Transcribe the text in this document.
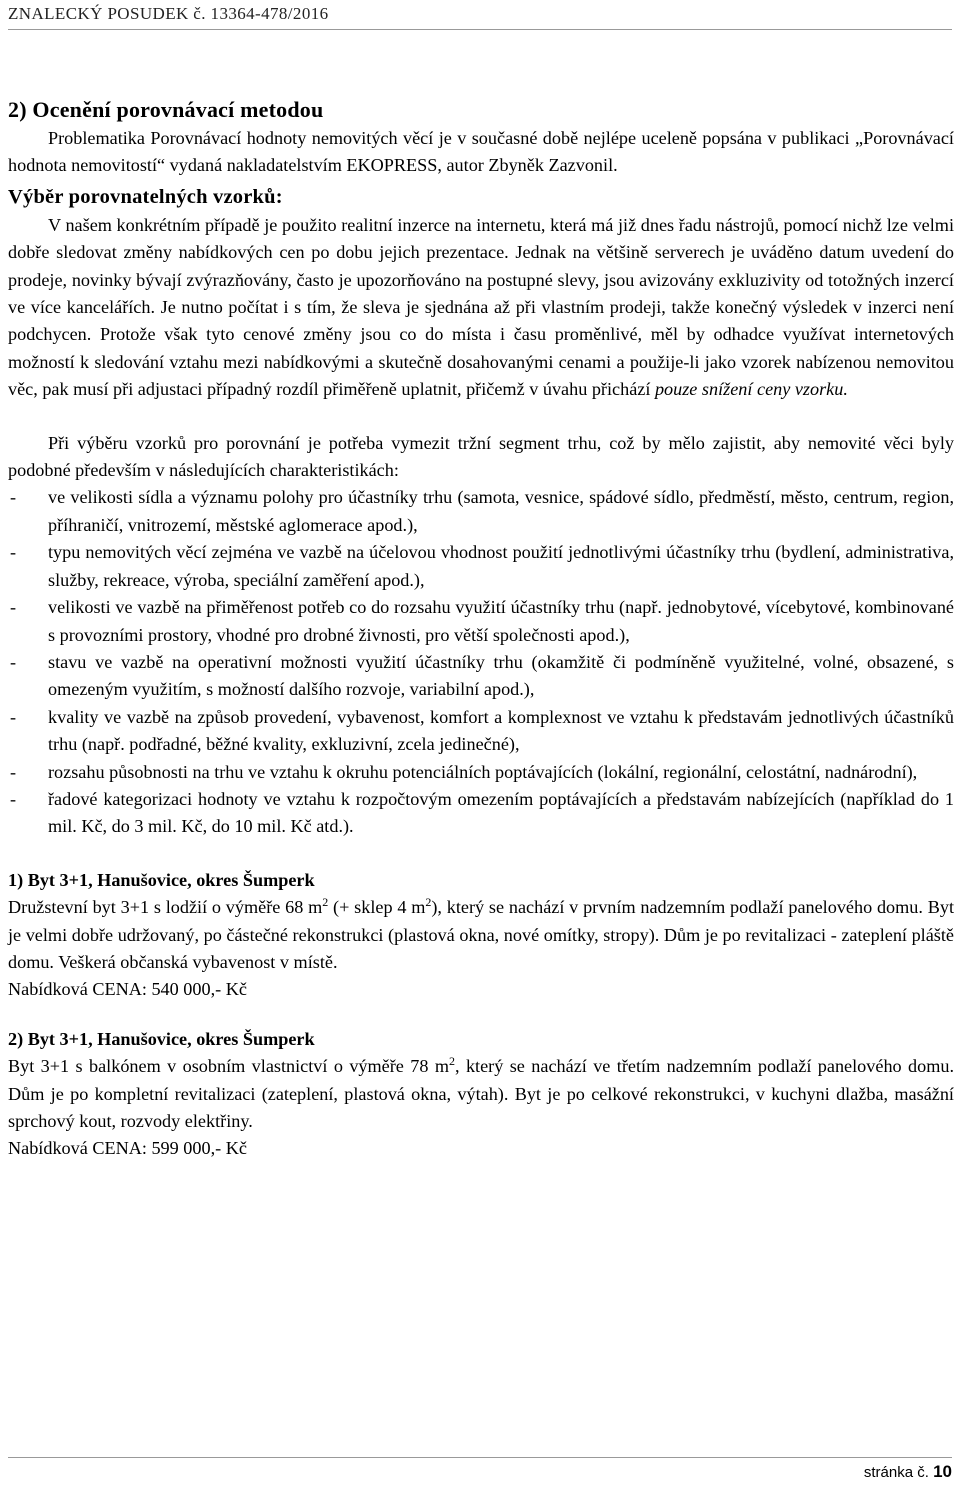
ZNALECKÝ POSUDEK č. 13364-478/2016
2) Ocenění porovnávací metodou

Problematika Porovnávací hodnoty nemovitých věcí je v současné době nejlépe uceleně popsána v publikaci „Porovnávací hodnota nemovitostí“ vydaná nakladatelstvím EKOPRESS, autor Zbyněk Zazvonil.

Výběr porovnatelných vzorků:

V našem konkrétním případě je použito realitní inzerce na internetu, která má již dnes řadu nástrojů, pomocí nichž lze velmi dobře sledovat změny nabídkových cen po dobu jejich prezentace. Jednak na většině serverech je uváděno datum uvedení do prodeje, novinky bývají zvýrazňovány, často je upozorňováno na postupné slevy, jsou avizovány exkluzivity od totožných inzercí ve více kancelářích. Je nutno počítat i s tím, že sleva je sjednána až při vlastním prodeji, takže konečný výsledek v inzerci není podchycen. Protože však tyto cenové změny jsou co do místa i času proměnlivé, měl by odhadce využívat internetových možností k sledování vztahu mezi nabídkovými a skutečně dosahovanými cenami a použije-li jako vzorek nabízenou nemovitou věc, pak musí při adjustaci případný rozdíl přiměřeně uplatnit, přičemž v úvahu přichází pouze snížení ceny vzorku.

Při výběru vzorků pro porovnání je potřeba vymezit tržní segment trhu, což by mělo zajistit, aby nemovité věci byly podobné především v následujících charakteristikách:

- ve velikosti sídla a významu polohy pro účastníky trhu (samota, vesnice, spádové sídlo, předměstí, město, centrum, region, příhraničí, vnitrozemí, městské aglomerace apod.),
- typu nemovitých věcí zejména ve vazbě na účelovou vhodnost použití jednotlivými účastníky trhu (bydlení, administrativa, služby, rekreace, výroba, speciální zaměření apod.),
- velikosti ve vazbě na přiměřenost potřeb co do rozsahu využití účastníky trhu (např. jednobytové, vícebytové, kombinované s provozními prostory, vhodné pro drobné živnosti, pro větší společnosti apod.),
- stavu ve vazbě na operativní možnosti využití účastníky trhu (okamžitě či podmíněně využitelné, volné, obsazené, s omezeným využitím, s možností dalšího rozvoje, variabilní apod.),
- kvality ve vazbě na způsob provedení, vybavenost, komfort a komplexnost ve vztahu k představám jednotlivých účastníků trhu (např. podřadné, běžné kvality, exkluzivní, zcela jedinečné),
- rozsahu působnosti na trhu ve vztahu k okruhu potenciálních poptávajících (lokální, regionální, celostátní, nadnárodní),
- řadové kategorizaci hodnoty ve vztahu k rozpočtovým omezením poptávajících a představám nabízejících (například do 1 mil. Kč, do 3 mil. Kč, do 10 mil. Kč atd.).
1) Byt 3+1, Hanušovice, okres Šumperk

Družstevní byt 3+1 s lodžií o výměře 68 $m^2$ (+ sklep 4 $m^2$), který se nachází v prvním nadzemním podlaží panelového domu. Byt je velmi dobře udržovaný, po částečné rekonstrukci (plastová okna, nové omítky, stropy). Dům je po revitalizaci - zateplení pláště domu. Veškerá občanská vybavenost v místě.

Nabídková CENA: 540 000,- Kč

2) Byt 3+1, Hanušovice, okres Šumperk

Byt 3+1 s balkónem v osobním vlastnictví o výměře 78 $m^2$, který se nachází ve třetím nadzemním podlaží panelového domu. Dům je po kompletní revitalizaci (zateplení, plastová okna, výtah). Byt je po celkové rekonstrukci, v kuchyni dlažba, masážní sprchový kout, rozvody elektřiny.

Nabídková CENA: 599 000,- Kč

stránka č. 10
